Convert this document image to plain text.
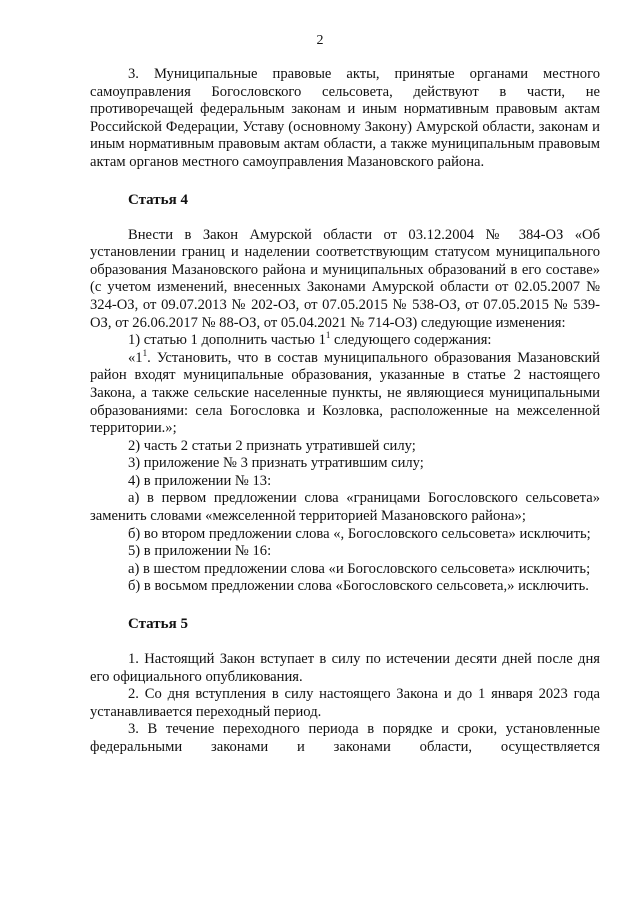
2

3. Муниципальные правовые акты, принятые органами местного самоуправления Богословского сельсовета, действуют в части, не противоречащей федеральным законам и иным нормативным правовым актам Российской Федерации, Уставу (основному Закону) Амурской области, законам и иным нормативным правовым актам области, а также муниципальным правовым актам органов местного самоуправления Мазановского района.

Статья 4

Внести в Закон Амурской области от 03.12.2004 № 384-ОЗ «Об установлении границ и наделении соответствующим статусом муниципального образования Мазановского района и муниципальных образований в его составе» (с учетом изменений, внесенных Законами Амурской области от 02.05.2007 № 324-ОЗ, от 09.07.2013 № 202-ОЗ, от 07.05.2015 № 538-ОЗ, от 07.05.2015 № 539-ОЗ, от 26.06.2017 № 88-ОЗ, от 05.04.2021 № 714-ОЗ) следующие изменения:

1) статью 1 дополнить частью $1^1$ следующего содержания:

«$1^1$. Установить, что в состав муниципального образования Мазановский район входят муниципальные образования, указанные в статье 2 настоящего Закона, а также сельские населенные пункты, не являющиеся муниципальными образованиями: села Богословка и Козловка, расположенные на межселенной территории.»;

2) часть 2 статьи 2 признать утратившей силу;

3) приложение № 3 признать утратившим силу;

4) в приложении № 13:

а) в первом предложении слова «границами Богословского сельсовета» заменить словами «межселенной территорией Мазановского района»;

б) во втором предложении слова «, Богословского сельсовета» исключить;

5) в приложении № 16:

а) в шестом предложении слова «и Богословского сельсовета» исключить;

б) в восьмом предложении слова «Богословского сельсовета,» исключить.

Статья 5

1. Настоящий Закон вступает в силу по истечении десяти дней после дня его официального опубликования.

2. Со дня вступления в силу настоящего Закона и до 1 января 2023 года устанавливается переходный период.

3. В течение переходного периода в порядке и сроки, установленные федеральными законами и законами области, осуществляется
